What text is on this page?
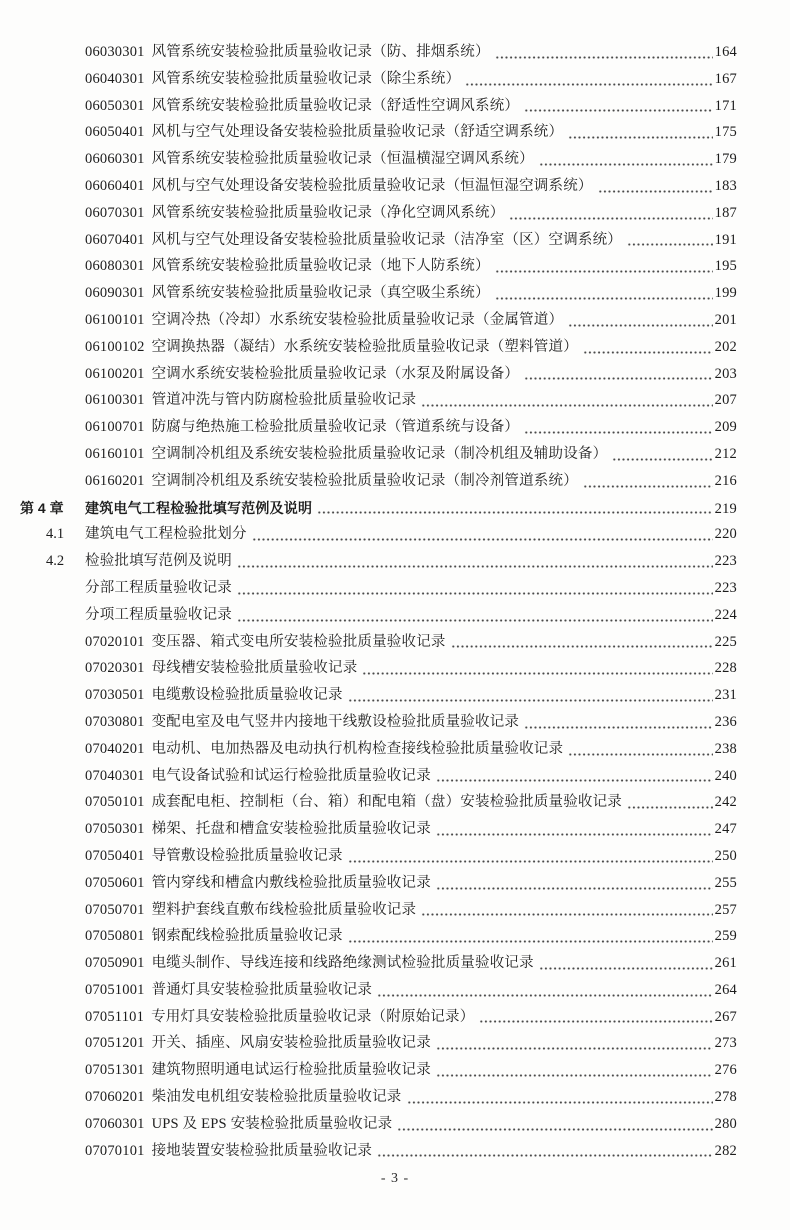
06030301 风管系统安装检验批质量验收记录（防、排烟系统）	164
06040301 风管系统安装检验批质量验收记录（除尘系统）	167
06050301 风管系统安装检验批质量验收记录（舒适性空调风系统）	171
06050401 风机与空气处理设备安装检验批质量验收记录（舒适空调系统）	175
06060301 风管系统安装检验批质量验收记录（恒温横湿空调风系统）	179
06060401 风机与空气处理设备安装检验批质量验收记录（恒温恒湿空调系统）	183
06070301 风管系统安装检验批质量验收记录（净化空调风系统）	187
06070401 风机与空气处理设备安装检验批质量验收记录（洁净室（区）空调系统）	191
06080301 风管系统安装检验批质量验收记录（地下人防系统）	195
06090301 风管系统安装检验批质量验收记录（真空吸尘系统）	199
06100101 空调冷热（冷却）水系统安装检验批质量验收记录（金属管道）	201
06100102 空调换热器（凝结）水系统安装检验批质量验收记录（塑料管道）	202
06100201 空调水系统安装检验批质量验收记录（水泵及附属设备）	203
06100301 管道冲洗与管内防腐检验批质量验收记录	207
06100701 防腐与绝热施工检验批质量验收记录（管道系统与设备）	209
06160101 空调制冷机组及系统安装检验批质量验收记录（制冷机组及辅助设备）	212
06160201 空调制冷机组及系统安装检验批质量验收记录（制冷剂管道系统）	216
第 4 章 建筑电气工程检验批填写范例及说明	219
4.1 建筑电气工程检验批划分	220
4.2 检验批填写范例及说明	223
分部工程质量验收记录	223
分项工程质量验收记录	224
07020101 变压器、箱式变电所安装检验批质量验收记录	225
07020301 母线槽安装检验批质量验收记录	228
07030501 电缆敷设检验批质量验收记录	231
07030801 变配电室及电气竖井内接地干线敷设检验批质量验收记录	236
07040201 电动机、电加热器及电动执行机构检查接线检验批质量验收记录	238
07040301 电气设备试验和试运行检验批质量验收记录	240
07050101 成套配电柜、控制柜（台、箱）和配电箱（盘）安装检验批质量验收记录	242
07050301 梯架、托盘和槽盒安装检验批质量验收记录	247
07050401 导管敷设检验批质量验收记录	250
07050601 管内穿线和槽盒内敷线检验批质量验收记录	255
07050701 塑料护套线直敷布线检验批质量验收记录	257
07050801 钢索配线检验批质量验收记录	259
07050901 电缆头制作、导线连接和线路绝缘测试检验批质量验收记录	261
07051001 普通灯具安装检验批质量验收记录	264
07051101 专用灯具安装检验批质量验收记录（附原始记录）	267
07051201 开关、插座、风扇安装检验批质量验收记录	273
07051301 建筑物照明通电试运行检验批质量验收记录	276
07060201 柴油发电机组安装检验批质量验收记录	278
07060301 UPS 及 EPS 安装检验批质量验收记录	280
07070101 接地装置安装检验批质量验收记录	282
- 3 -
